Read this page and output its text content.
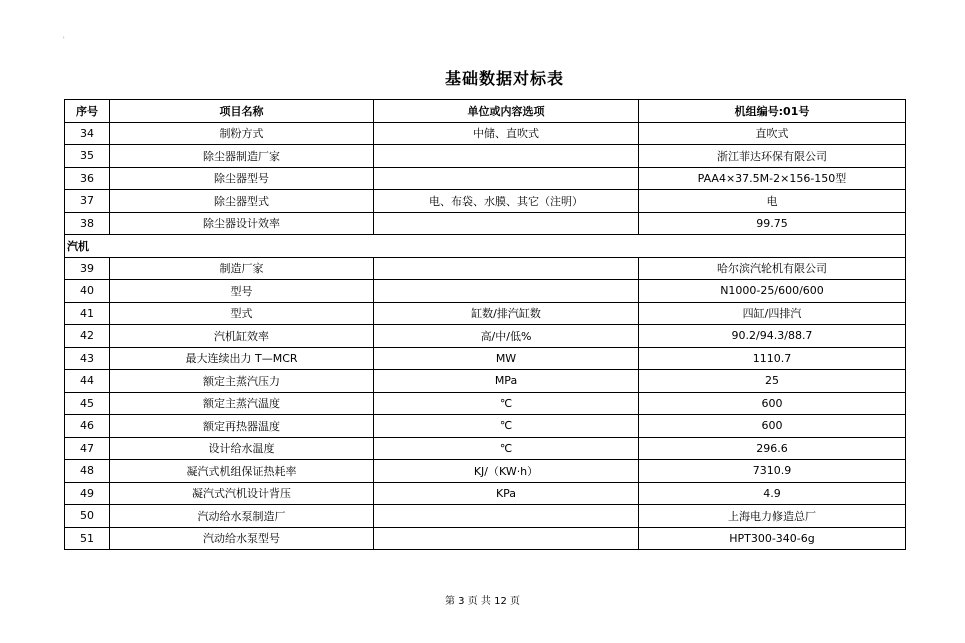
'
基础数据对标表
序号	项目名称	单位或内容选项	机组编号:01号
34	制粉方式	中储、直吹式	直吹式
35	除尘器制造厂家		浙江菲达环保有限公司
36	除尘器型号		PAA4×37.5M-2×156-150型
37	除尘器型式	电、布袋、水膜、其它（注明）	电
38	除尘器设计效率		99.75
汽机			
39	制造厂家		哈尔滨汽轮机有限公司
40	型号		N1000-25/600/600
41	型式	缸数/排汽缸数	四缸/四排汽
42	汽机缸效率	高/中/低%	90.2/94.3/88.7
43	最大连续出力 T—MCR	MW	1110.7
44	额定主蒸汽压力	MPa	25
45	额定主蒸汽温度	℃	600
46	额定再热器温度	℃	600
47	设计给水温度	℃	296.6
48	凝汽式机组保证热耗率	KJ/（KW·h）	7310.9
49	凝汽式汽机设计背压	KPa	4.9
50	汽动给水泵制造厂		上海电力修造总厂
51	汽动给水泵型号		HPT300-340-6g
第 3 页 共 12 页
